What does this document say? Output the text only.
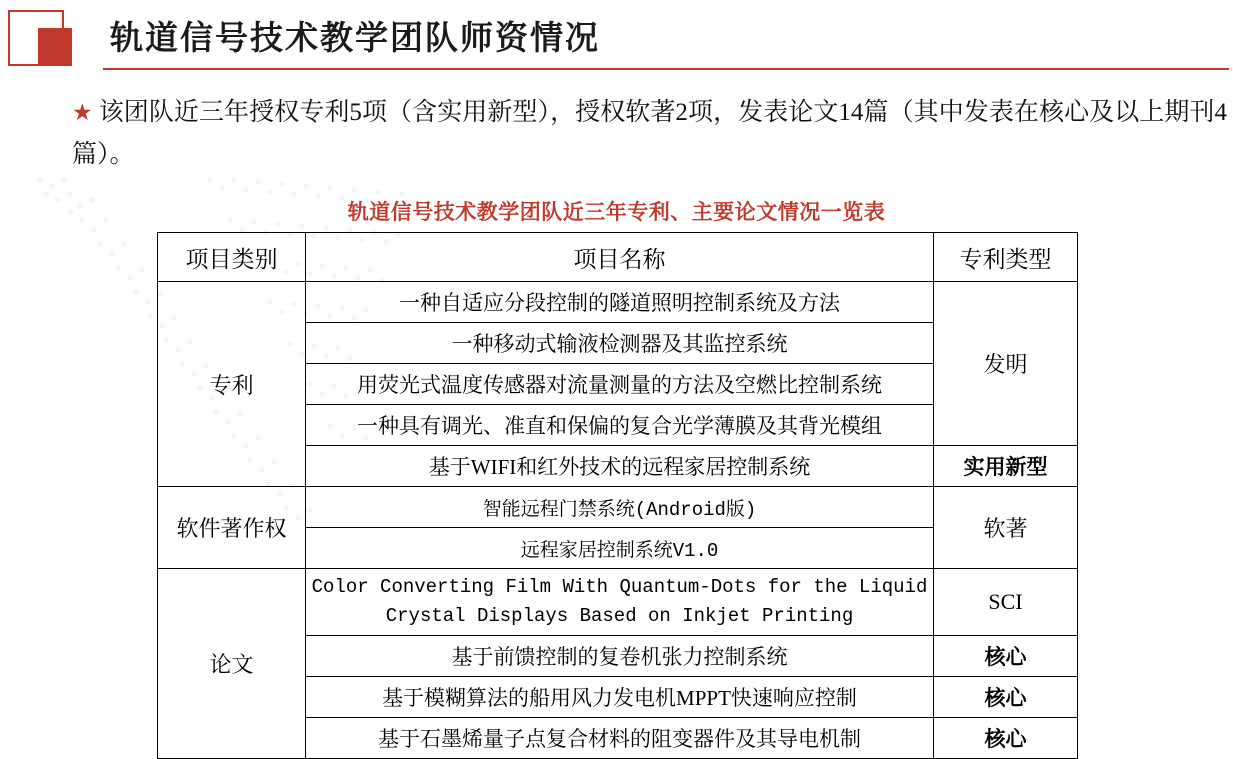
轨道信号技术教学团队师资情况
★ 该团队近三年授权专利5项（含实用新型），授权软著2项，发表论文14篇（其中发表在核心及以上期刊4篇）。
轨道信号技术教学团队近三年专利、主要论文情况一览表
项目类别	项目名称	专利类型
专利	一种自适应分段控制的隧道照明控制系统及方法	发明
	一种移动式输液检测器及其监控系统	
	用荧光式温度传感器对流量测量的方法及空燃比控制系统	
	一种具有调光、准直和保偏的复合光学薄膜及其背光模组	
	基于WIFI和红外技术的远程家居控制系统	实用新型
软件著作权	智能远程门禁系统(Android版)	软著
	远程家居控制系统V1.0	
论文	Color Converting Film With Quantum-Dots for the Liquid Crystal Displays Based on Inkjet Printing	SCI
	基于前馈控制的复卷机张力控制系统	核心
	基于模糊算法的船用风力发电机MPPT快速响应控制	核心
	基于石墨烯量子点复合材料的阻变器件及其导电机制	核心
